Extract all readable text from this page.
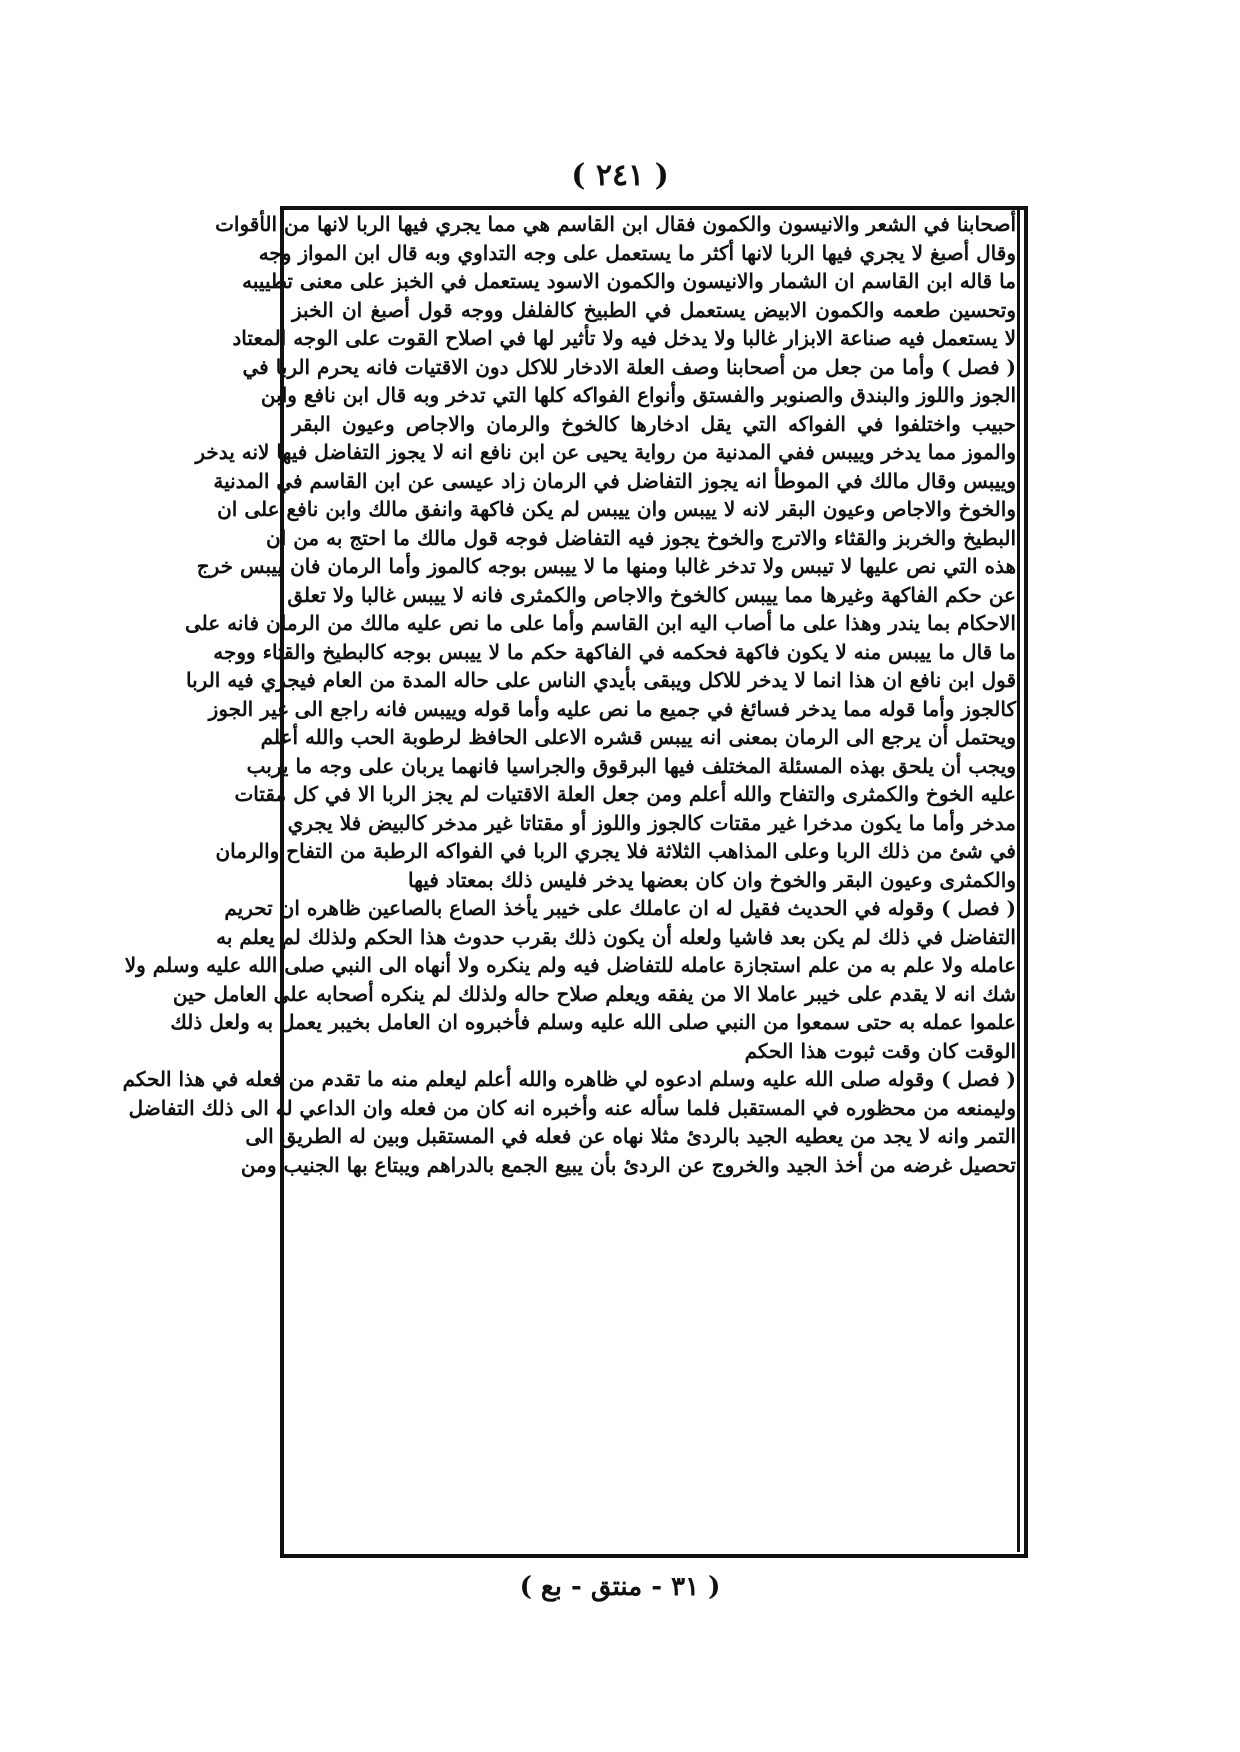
( ٢٤١ )
أصحابنا في الشعر والانيسون والكمون فقال ابن القاسم هي مما يجري فيها الربا لانها من الأقوات
وقال أصبغ لا يجري فيها الربا لانها أكثر ما يستعمل على وجه التداوي وبه قال ابن المواز وجه
ما قاله ابن القاسم ان الشمار والانيسون والكمون الاسود يستعمل في الخبز على معنى تطييبه
وتحسين طعمه والكمون الابيض يستعمل في الطبيخ كالفلفل ووجه قول أصبغ ان الخبز
لا يستعمل فيه صناعة الابزار غالبا ولا يدخل فيه ولا تأثير لها في اصلاح القوت على الوجه المعتاد
( فصل ) وأما من جعل من أصحابنا وصف العلة الادخار للاكل دون الاقتيات فانه يحرم الربا في
الجوز واللوز والبندق والصنوبر والفستق وأنواع الفواكه كلها التي تدخر وبه قال ابن نافع وابن
حبيب واختلفوا في الفواكه التي يقل ادخارها كالخوخ والرمان والاجاص وعيون البقر
والموز مما يدخر وييبس ففي المدنية من رواية يحيى عن ابن نافع انه لا يجوز التفاضل فيها لانه يدخر
وييبس وقال مالك في الموطأ انه يجوز التفاضل في الرمان زاد عيسى عن ابن القاسم في المدنية
والخوخ والاجاص وعيون البقر لانه لا ييبس وان ييبس لم يكن فاكهة وانفق مالك وابن نافع على ان
البطيخ والخربز والقثاء والاترج والخوخ يجوز فيه التفاضل فوجه قول مالك ما احتج به من ان
هذه التي نص عليها لا تيبس ولا تدخر غالبا ومنها ما لا ييبس بوجه كالموز وأما الرمان فان ييبس خرج
عن حكم الفاكهة وغيرها مما ييبس كالخوخ والاجاص والكمثرى فانه لا ييبس غالبا ولا تعلق
الاحكام بما يندر وهذا على ما أصاب اليه ابن القاسم وأما على ما نص عليه مالك من الرمان فانه على
ما قال ما ييبس منه لا يكون فاكهة فحكمه في الفاكهة حكم ما لا ييبس بوجه كالبطيخ والقثاء ووجه
قول ابن نافع ان هذا انما لا يدخر للاكل ويبقى بأيدي الناس على حاله المدة من العام فيجري فيه الربا
كالجوز وأما قوله مما يدخر فسائغ في جميع ما نص عليه وأما قوله وييبس فانه راجع الى غير الجوز
ويحتمل أن يرجع الى الرمان بمعنى انه ييبس قشره الاعلى الحافظ لرطوبة الحب والله أعلم
ويجب أن يلحق بهذه المسئلة المختلف فيها البرقوق والجراسيا فانهما يربان على وجه ما يربب
عليه الخوخ والكمثرى والتفاح والله أعلم ومن جعل العلة الاقتيات لم يجز الربا الا في كل مقتات
مدخر وأما ما يكون مدخرا غير مقتات كالجوز واللوز أو مقتاتا غير مدخر كالبيض فلا يجري
في شئ من ذلك الربا وعلى المذاهب الثلاثة فلا يجري الربا في الفواكه الرطبة من التفاح والرمان
والكمثرى وعيون البقر والخوخ وان كان بعضها يدخر فليس ذلك بمعتاد فيها
( فصل ) وقوله في الحديث فقيل له ان عاملك على خيبر يأخذ الصاع بالصاعين ظاهره ان تحريم
التفاضل في ذلك لم يكن بعد فاشيا ولعله أن يكون ذلك بقرب حدوث هذا الحكم ولذلك لم يعلم به
عامله ولا علم به من علم استجازة عامله للتفاضل فيه ولم ينكره ولا أنهاه الى النبي صلى الله عليه وسلم ولا
شك انه لا يقدم على خيبر عاملا الا من يفقه ويعلم صلاح حاله ولذلك لم ينكره أصحابه على العامل حين
علموا عمله به حتى سمعوا من النبي صلى الله عليه وسلم فأخبروه ان العامل بخيبر يعمل به ولعل ذلك
الوقت كان وقت ثبوت هذا الحكم
( فصل ) وقوله صلى الله عليه وسلم ادعوه لي ظاهره والله أعلم ليعلم منه ما تقدم من فعله في هذا الحكم
وليمنعه من محظوره في المستقبل فلما سأله عنه وأخبره انه كان من فعله وان الداعي له الى ذلك التفاضل
التمر وانه لا يجد من يعطيه الجيد بالردئ مثلا نهاه عن فعله في المستقبل وبين له الطريق الى
تحصيل غرضه من أخذ الجيد والخروج عن الردئ بأن يبيع الجمع بالدراهم ويبتاع بها الجنيب ومن
( ٣١ - منتق - بع )
